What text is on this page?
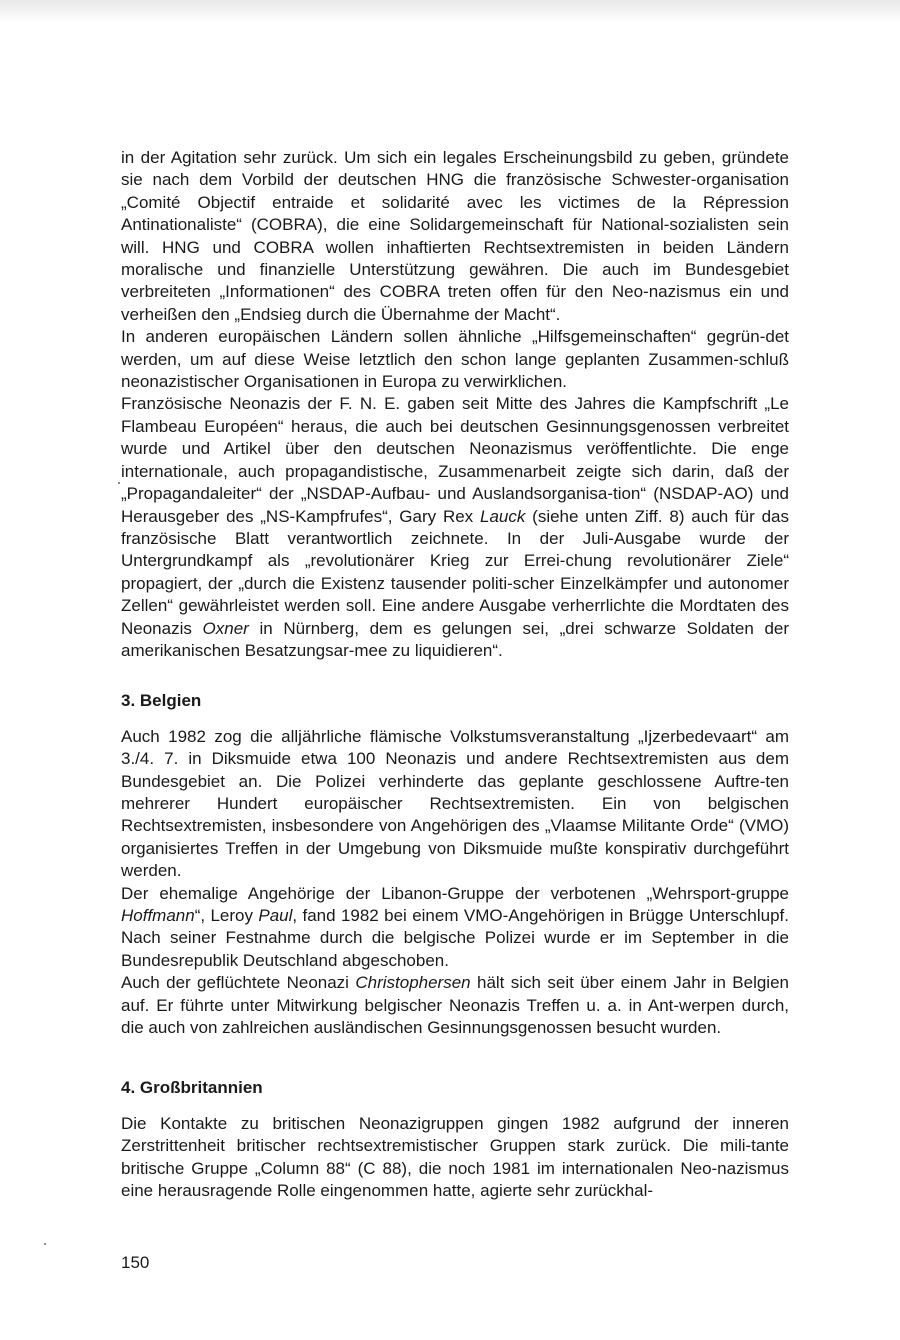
in der Agitation sehr zurück. Um sich ein legales Erscheinungsbild zu geben, gründete sie nach dem Vorbild der deutschen HNG die französische Schwester-organisation „Comité Objectif entraide et solidarité avec les victimes de la Répression Antinationaliste“ (COBRA), die eine Solidargemeinschaft für National-sozialisten sein will. HNG und COBRA wollen inhaftierten Rechtsextremisten in beiden Ländern moralische und finanzielle Unterstützung gewähren. Die auch im Bundesgebiet verbreiteten „Informationen“ des COBRA treten offen für den Neo-nazismus ein und verheißen den „Endsieg durch die Übernahme der Macht“.

In anderen europäischen Ländern sollen ähnliche „Hilfsgemeinschaften“ gegrün-det werden, um auf diese Weise letztlich den schon lange geplanten Zusammen-schluß neonazistischer Organisationen in Europa zu verwirklichen.

Französische Neonazis der F. N. E. gaben seit Mitte des Jahres die Kampfschrift „Le Flambeau Européen“ heraus, die auch bei deutschen Gesinnungsgenossen verbreitet wurde und Artikel über den deutschen Neonazismus veröffentlichte. Die enge internationale, auch propagandistische, Zusammenarbeit zeigte sich darin, daß der „Propagandaleiter“ der „NSDAP-Aufbau- und Auslandsorganisa-tion“ (NSDAP-AO) und Herausgeber des „NS-Kampfrufes“, Gary Rex Lauck (siehe unten Ziff. 8) auch für das französische Blatt verantwortlich zeichnete. In der Juli-Ausgabe wurde der Untergrundkampf als „revolutionärer Krieg zur Errei-chung revolutionärer Ziele“ propagiert, der „durch die Existenz tausender politi-scher Einzelkämpfer und autonomer Zellen“ gewährleistet werden soll. Eine andere Ausgabe verherrlichte die Mordtaten des Neonazis Oxner in Nürnberg, dem es gelungen sei, „drei schwarze Soldaten der amerikanischen Besatzungsar-mee zu liquidieren“.

3. Belgien

Auch 1982 zog die alljährliche flämische Volkstumsveranstaltung „Ijzerbedevaart“ am 3./4. 7. in Diksmuide etwa 100 Neonazis und andere Rechtsextremisten aus dem Bundesgebiet an. Die Polizei verhinderte das geplante geschlossene Auftre-ten mehrerer Hundert europäischer Rechtsextremisten. Ein von belgischen Rechtsextremisten, insbesondere von Angehörigen des „Vlaamse Militante Orde“ (VMO) organisiertes Treffen in der Umgebung von Diksmuide mußte konspirativ durchgeführt werden.

Der ehemalige Angehörige der Libanon-Gruppe der verbotenen „Wehrsport-gruppe Hoffmann“, Leroy Paul, fand 1982 bei einem VMO-Angehörigen in Brügge Unterschlupf. Nach seiner Festnahme durch die belgische Polizei wurde er im September in die Bundesrepublik Deutschland abgeschoben.

Auch der geflüchtete Neonazi Christophersen hält sich seit über einem Jahr in Belgien auf. Er führte unter Mitwirkung belgischer Neonazis Treffen u. a. in Ant-werpen durch, die auch von zahlreichen ausländischen Gesinnungsgenossen besucht wurden.

4. Großbritannien

Die Kontakte zu britischen Neonazigruppen gingen 1982 aufgrund der inneren Zerstrittenheit britischer rechtsextremistischer Gruppen stark zurück. Die mili-tante britische Gruppe „Column 88“ (C 88), die noch 1981 im internationalen Neo-nazismus eine herausragende Rolle eingenommen hatte, agierte sehr zurückhal-

150
